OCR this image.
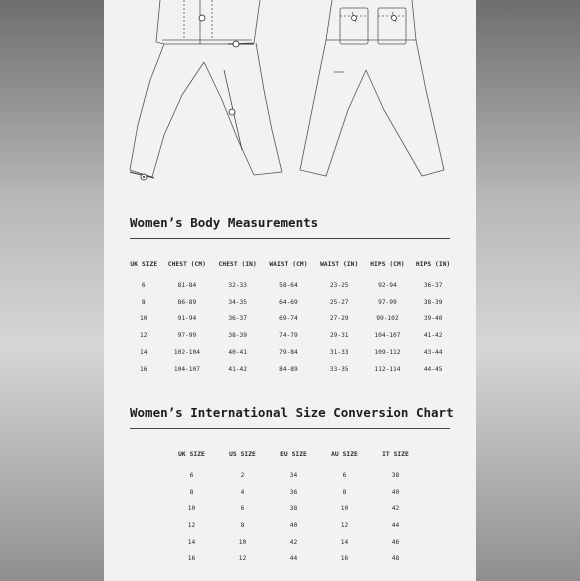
Women’s Body Measurements
UK SIZE	CHEST (CM)	CHEST (IN)	WAIST (CM)	WAIST (IN)	HIPS (CM)	HIPS (IN)

6	81-84	32-33	58-64	23-25	92-94	36-37
8	86-89	34-35	64-69	25-27	97-99	38-39
10	91-94	36-37	69-74	27-29	99-102	39-40
12	97-99	38-39	74-79	29-31	104-107	41-42
14	102-104	40-41	79-84	31-33	109-112	43-44
16	104-107	41-42	84-89	33-35	112-114	44-45
Women’s International Size Conversion Chart
UK SIZE	US SIZE	EU SIZE	AU SIZE	IT SIZE

6	2	34	6	38
8	4	36	8	40
10	6	38	10	42
12	8	40	12	44
14	10	42	14	46
16	12	44	16	48
